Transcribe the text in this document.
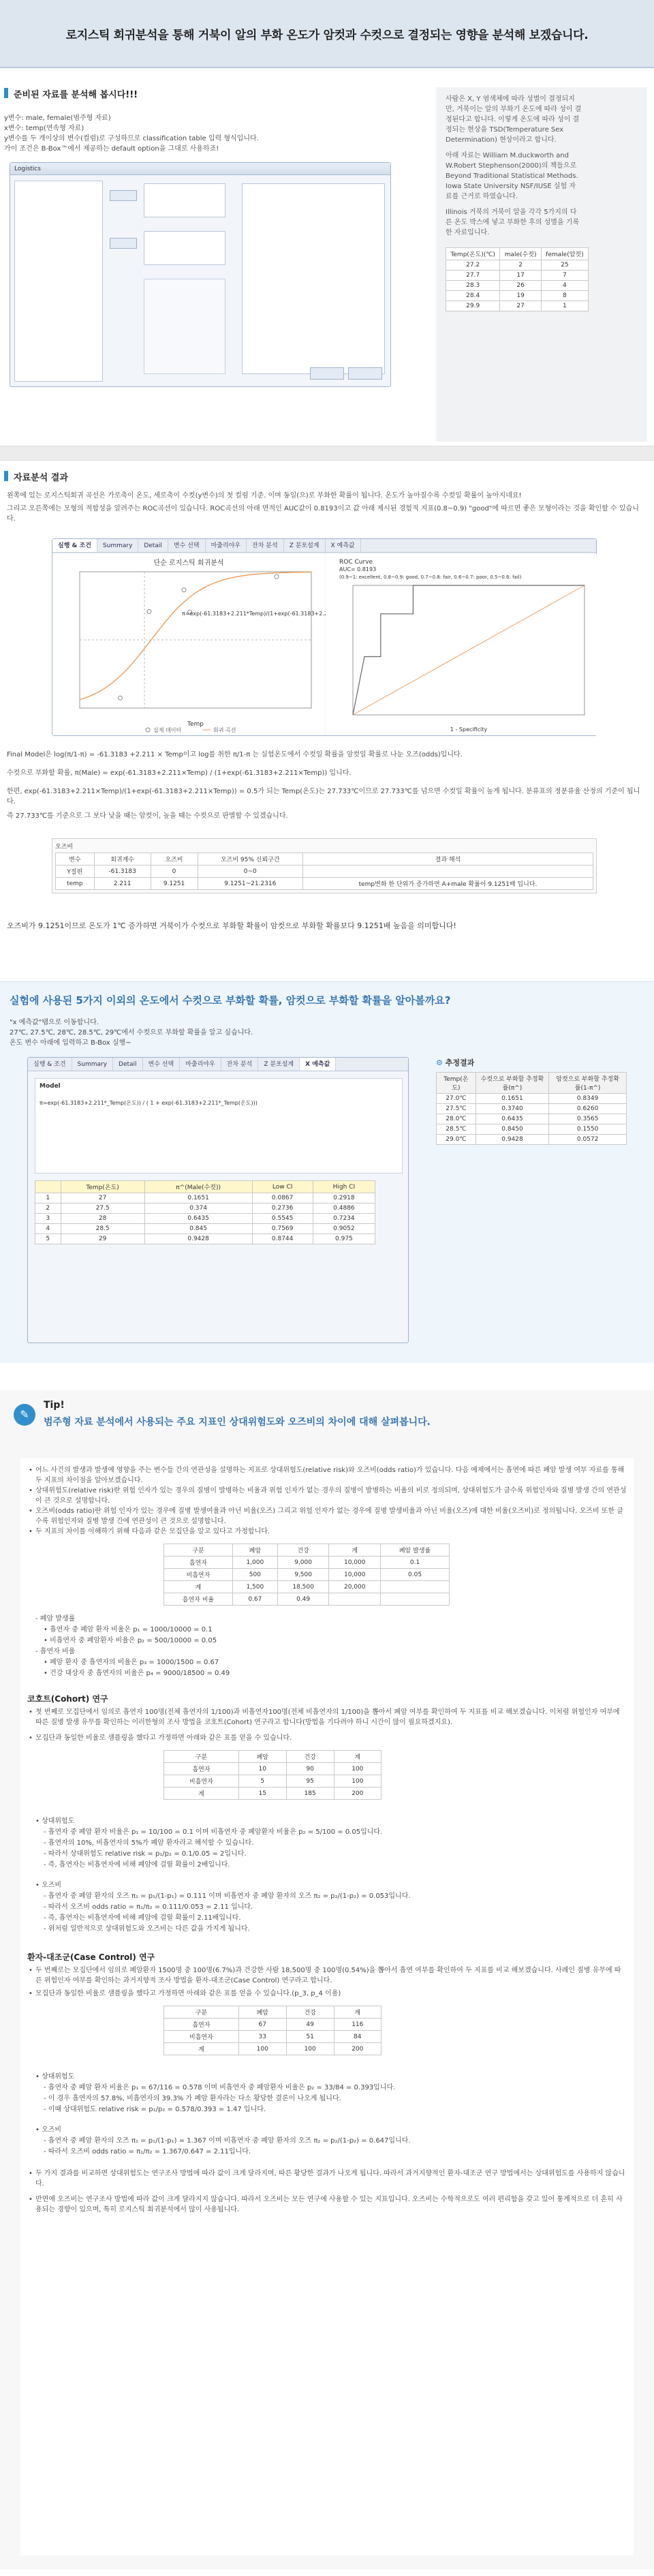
로지스틱 회귀분석을 통해 거북이 알의 부화 온도가 암컷과 수컷으로 결정되는 영향을 분석해 보겠습니다.
준비된 자료를 분석해 봅시다!!!
y변수: male, female(범주형 자료)
x변수: temp(연속형 자료)
y변수를 두 개이상의 변수(컬럼)로 구성하므로 classification table 입력 형식입니다.
가이 조건은 B-Box™에서 제공하는 default option을 그대로 사용하죠!
Logistics
사람은 X, Y 염색체에 따라 성별이 결정되지만, 거북이는 알의 부화기 온도에 따라 성이 결정된다고 합니다. 이렇게 온도에 따라 성이 결정되는 현상을 TSD(Temperature Sex Determination) 현상이라고 합니다.
아래 자료는 William M.duckworth and W.Robert Stephenson(2000)의 책들으로 Beyond Traditional Statistical Methods. Iowa State University NSF/IUSE 실험 자료를 근거로 하였습니다.
Illinois 거북의 거북이 알을 각각 5가지의 다른 온도 박스에 넣고 부화한 후의 성별을 기록한 자료입니다.
Temp(온도)(℃)	male(수컷)	female(암컷)
27.2	2	25
27.7	17	7
28.3	26	4
28.4	19	8
29.9	27	1
자료분석 결과
왼쪽에 있는 로지스틱회귀 곡선은 가로축이 온도, 세로축이 수컷(y변수)의 첫 컬럼 기준. 이며 동일(으)로 부화한 확률이 됩니다. 온도가 높아질수록 수컷일 확률이 높아지네요!
그리고 오른쪽에는 모형의 적합성을 알려주는 ROC곡선이 있습니다. ROC곡선의 아래 면적인 AUC값이 0.8193이고 값 아래 제시된 경험적 지표(0.8~0.9) "good"에 따르면 좋은 모형이라는 것을 확인할 수 있습니다.
실행 & 조건	Summary	Detail	변수 선택	마출리야우	잔차 분석	Z 분포설계	X 예측값
단순 로지스틱 회귀분석
π=exp(-61.3183+2.211*Temp)/(1+exp(-61.3183+2.211*Temp))
Temp
실제 데이터	회귀 곡선
ROC Curve
AUC= 0.8193
(0.9~1: excellent, 0.8~0.9: good, 0.7~0.8: fair, 0.6~0.7: poor, 0.5~0.6: fail)
1 - Specificity
Final Model은 log(π/1-π) = -61.3183 +2.211 × Temp이고 log를 취한 π/1-π 는 실험온도에서 수컷일 확률을 암컷일 확률로 나눈 오즈(odds)입니다.
수컷으로 부화할 확률, π(Male) = exp(-61.3183+2.211×Temp) / (1+exp(-61.3183+2.211×Temp)) 입니다.
한편, exp(-61.3183+2.211×Temp)/(1+exp(-61.3183+2.211×Temp)) = 0.5가 되는 Temp(온도)는 27.733℃이므로 27.733℃를 넘으면 수컷일 확률이 높게 됩니다. 분류표의 정분류율 산정의 기준이 됩니다.
즉 27.733℃를 기준으로 그 보다 낮을 때는 암컷이, 높을 때는 수컷으로 판별할 수 있겠습니다.
오즈비
변수	회귀계수	오즈비	오즈비 95% 신뢰구간	결과 해석
Y절편	-61.3183	0	0~0	
temp	2.211	9.1251	9.1251~21.2316	temp변화 한 단위가 증가하면 A+male 확률이 9.1251배 입니다.
오즈비가 9.1251이므로 온도가 1℃ 증가하면 거북이가 수컷으로 부화할 확률이 암컷으로 부화할 확률보다 9.1251배 높음을 의미합니다!
실험에 사용된 5가지 이외의 온도에서 수컷으로 부화할 확률, 암컷으로 부화할 확률을 알아볼까요?
"x 예측값"탭으로 이동합니다.
27℃, 27.5℃, 28℃, 28.5℃, 29℃에서 수컷으로 부화할 확률을 알고 싶습니다.
온도 변수 아래에 입력하고 B-Box 실행~
실행 & 조건	Summary	Detail	변수 선택	마출리야우	잔차 분석	Z 분포설계	X 예측값
Model
π=exp(-61.3183+2.211*_Temp(온도)) / ( 1 + exp(-61.3183+2.211*_Temp(온도)))
	Temp(온도)	π^(Male(수컷))	Low CI	High CI
1	27	0.1651	0.0867	0.2918
2	27.5	0.374	0.2736	0.4886
3	28	0.6435	0.5545	0.7234
4	28.5	0.845	0.7569	0.9052
5	29	0.9428	0.8744	0.975
⚙ 추정결과
Temp(온도)	수컷으로 부화할 추정확률(π^)	암컷으로 부화할 추정확률(1-π^)
27.0℃	0.1651	0.8349
27.5℃	0.3740	0.6260
28.0℃	0.6435	0.3565
28.5℃	0.8450	0.1550
29.0℃	0.9428	0.0572
✎
Tip!
범주형 자료 분석에서 사용되는 주요 지표인 상대위험도와 오즈비의 차이에 대해 살펴봅니다.
• 어느 사건의 발생과 발생에 영향을 주는 변수들 간의 연관성을 설명하는 지표로 상대위험도(relative risk)와 오즈비(odds ratio)가 있습니다. 다음 예제에서는 흡연에 따른 폐암 발생 여부 자료를 통해 두 지표의 차이점을 알아보겠습니다.
• 상대위험도(relative risk)란 위험 인자가 있는 경우의 질병이 발병하는 비율과 위험 인자가 없는 경우의 질병이 발병하는 비율의 비로 정의되며, 상대위험도가 클수록 위험인자와 질병 발생 간의 연관성이 큰 것으로 설명합니다.
• 오즈비(odds ratio)란 위험 인자가 있는 경우에 질병 발생여율과 아닌 비율(오즈) 그리고 위험 인자가 없는 경우에 질병 발생비율과 아닌 비율(오즈)에 대한 비율(오즈비)로 정의됩니다. 오즈비 또한 클수록 위험인자와 질병 발생 간에 연관성이 큰 것으로 설명합니다.
• 두 지표의 차이를 이해하기 위해 다음과 같은 모집단을 알고 있다고 가정합니다.
구분	폐암	건강	계	폐암 발생률
흡연자	1,000	9,000	10,000	0.1
비흡연자	500	9,500	10,000	0.05
계	1,500	18,500	20,000	
흡연자 비율	0.67	0.49		
- 폐암 발생률
• 흡연자 중 폐암 환자 비율은 p₁ = 1000/10000 = 0.1
• 비흡연자 중 폐암환자 비율은 p₂ = 500/10000 = 0.05
- 흡연자 비율
• 폐암 환자 중 흡연자의 비율은 p₃ = 1000/1500 = 0.67
• 건강 대상자 중 흡연자의 비율은 p₄ = 9000/18500 = 0.49
코호트(Cohort) 연구
• 첫 번째로 모집단에서 임의로 흡연자 100명(전체 흡연자의 1/100)과 비흡연자100명(전체 비흡연자의 1/100)을 뽑아서 폐암 여부를 확인하여 두 지표를 비교 해보겠습니다. 이처럼 위험인자 여부에 따른 질병 발생 유무를 확인하는 이러한형의 조사 방법을 코호트(Cohort) 연구라고 합니다(방법을 기다려야 하니 시간이 많이 필요하겠지요).
• 모집단과 동일한 비율로 샘플링을 했다고 가정하면 아래와 같은 표를 얻을 수 있습니다.
구분	폐암	건강	계
흡연자	10	90	100
비흡연자	5	95	100
계	15	185	200
• 상대위험도
- 흡연자 중 폐암 환자 비율은 p₁ = 10/100 = 0.1 이며 비흡연자 중 폐암환자 비율은 p₂ = 5/100 = 0.05입니다.
- 흡연자의 10%, 비흡연자의 5%가 폐암 환자라고 해석할 수 있습니다.
- 따라서 상대위험도 relative risk = p₁/p₂ = 0.1/0.05 = 2입니다.
- 즉, 흡연자는 비흡연자에 비해 폐암에 걸릴 확률이 2배입니다.
• 오즈비
- 흡연자 중 폐암 환자의 오즈 π₁ = p₁/(1-p₁) = 0.111 이며 비흡연자 중 폐암 환자의 오즈 π₂ = p₂/(1-p₂) = 0.053입니다.
- 따라서 오즈비 odds ratio = π₁/π₂ = 0.111/0.053 = 2.11 입니다.
- 즉, 흡연자는 비흡연자에 비해 폐암에 걸릴 확률이 2.11배입니다.
- 위처럼 일반적으로 상대위험도와 오즈비는 다른 값을 가지게 됩니다.
환자-대조군(Case Control) 연구
• 두 번째로는 모집단에서 임의로 폐암환자 1500명 중 100명(6.7%)과 건강한 사람 18,500명 중 100명(0.54%)을 뽑아서 흡연 여부를 확인하여 두 지표를 비교 해보겠습니다. 사례인 질병 유무에 따른 위험인자 여부를 확인하는 과거지향적 조사 방법을 환자-대조군(Case Control) 연구라고 합니다.
• 모집단과 동일한 비율로 샘플링을 했다고 가정하면 아래와 같은 표를 얻을 수 있습니다.(p_3, p_4 이용)
구분	폐암	건강	계
흡연자	67	49	116
비흡연자	33	51	84
계	100	100	200
• 상대위험도
- 흡연자 중 폐암 환자 비율은 p₁ = 67/116 = 0.578 이며 비흡연자 중 폐암환자 비율은 p₂ = 33/84 = 0.393입니다.
- 이 경우 흡연자의 57.8%, 비흡연자의 39.3% 가 폐암 환자라는 다소 황당한 결론이 나오게 됩니다.
- 이때 상대위험도 relative risk = p₁/p₂ = 0.578/0.393 = 1.47 입니다.
• 오즈비
- 흡연자 중 폐암 환자의 오즈 π₁ = p₁/(1-p₁) = 1.367 이며 비흡연자 중 폐암 환자의 오즈 π₂ = p₂/(1-p₂) = 0.647입니다.
- 따라서 오즈비 odds ratio = π₁/π₂ = 1.367/0.647 = 2.11입니다.
• 두 가지 결과를 비교하면 상대위험도는 연구조사 방법에 따라 값이 크게 달라지며, 따른 황당한 결과가 나오게 됩니다. 따라서 과거지향적인 환자-대조군 연구 방법에서는 상대위험도를 사용하지 않습니다.
• 반면에 오즈비는 연구조사 방법에 따라 값이 크게 달라지지 않습니다. 따라서 오즈비는 모든 연구에 사용할 수 있는 지표입니다. 오즈비는 수학적으로도 여러 편리함을 갖고 있어 통계적으로 더 흔히 사용되는 경향이 있으며, 특히 로지스틱 회귀분석에서 많이 사용됩니다.
